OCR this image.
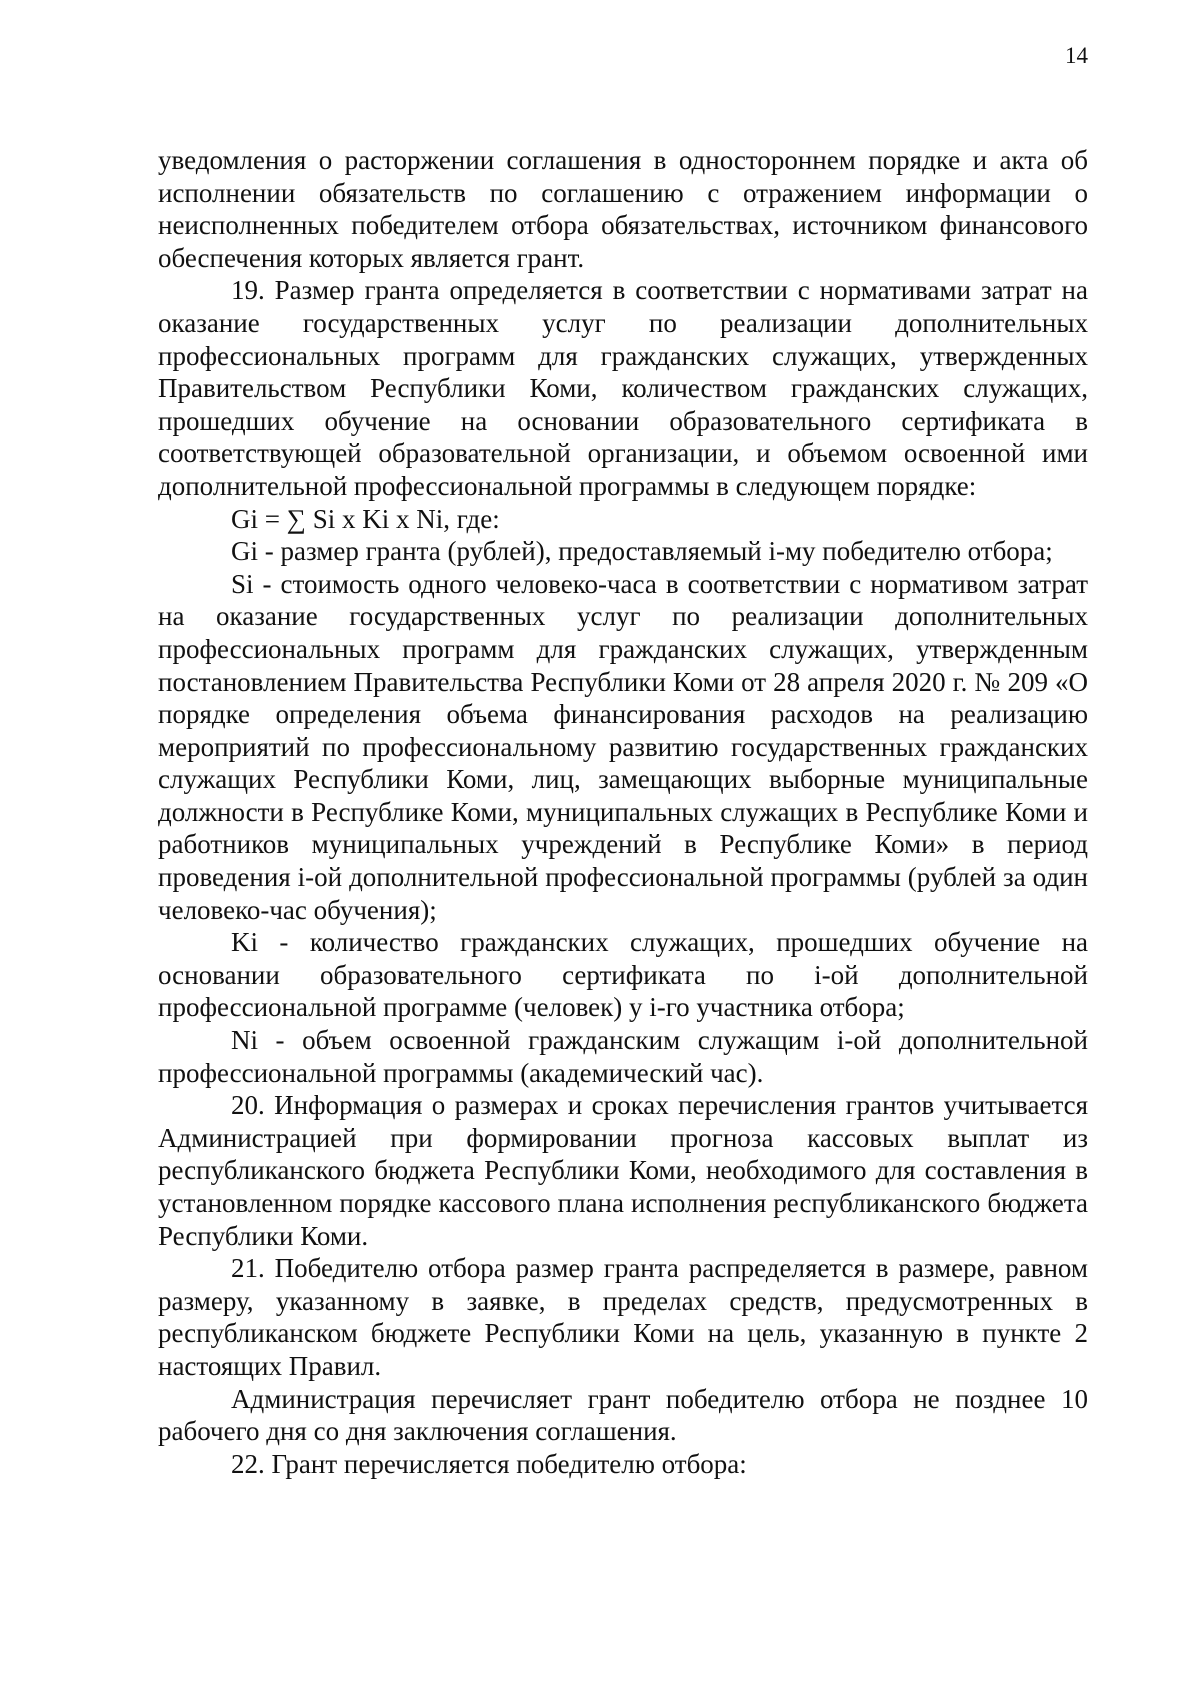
14

уведомления о расторжении соглашения в одностороннем порядке и акта об исполнении обязательств по соглашению с отражением информации о неисполненных победителем отбора обязательствах, источником финансового обеспечения которых является грант.

19. Размер гранта определяется в соответствии с нормативами затрат на оказание государственных услуг по реализации дополнительных профессиональных программ для гражданских служащих, утвержденных Правительством Республики Коми, количеством гражданских служащих, прошедших обучение на основании образовательного сертификата в соответствующей образовательной организации, и объемом освоенной ими дополнительной профессиональной программы в следующем порядке:

Gi = ∑ Si x Ki x Ni, где:

Gi - размер гранта (рублей), предоставляемый i-му победителю отбора;

Si - стоимость одного человеко-часа в соответствии с нормативом затрат на оказание государственных услуг по реализации дополнительных профессиональных программ для гражданских служащих, утвержденным постановлением Правительства Республики Коми от 28 апреля 2020 г. № 209 «О порядке определения объема финансирования расходов на реализацию мероприятий по профессиональному развитию государственных гражданских служащих Республики Коми, лиц, замещающих выборные муниципальные должности в Республике Коми, муниципальных служащих в Республике Коми и работников муниципальных учреждений в Республике Коми» в период проведения i-ой дополнительной профессиональной программы (рублей за один человеко-час обучения);

Ki - количество гражданских служащих, прошедших обучение на основании образовательного сертификата по i-ой дополнительной профессиональной программе (человек) у i-го участника отбора;

Ni - объем освоенной гражданским служащим i-ой дополнительной профессиональной программы (академический час).

20. Информация о размерах и сроках перечисления грантов учитывается Администрацией при формировании прогноза кассовых выплат из республиканского бюджета Республики Коми, необходимого для составления в установленном порядке кассового плана исполнения республиканского бюджета Республики Коми.

21. Победителю отбора размер гранта распределяется в размере, равном размеру, указанному в заявке, в пределах средств, предусмотренных в республиканском бюджете Республики Коми на цель, указанную в пункте 2 настоящих Правил.

Администрация перечисляет грант победителю отбора не позднее 10 рабочего дня со дня заключения соглашения.

22. Грант перечисляется победителю отбора:
